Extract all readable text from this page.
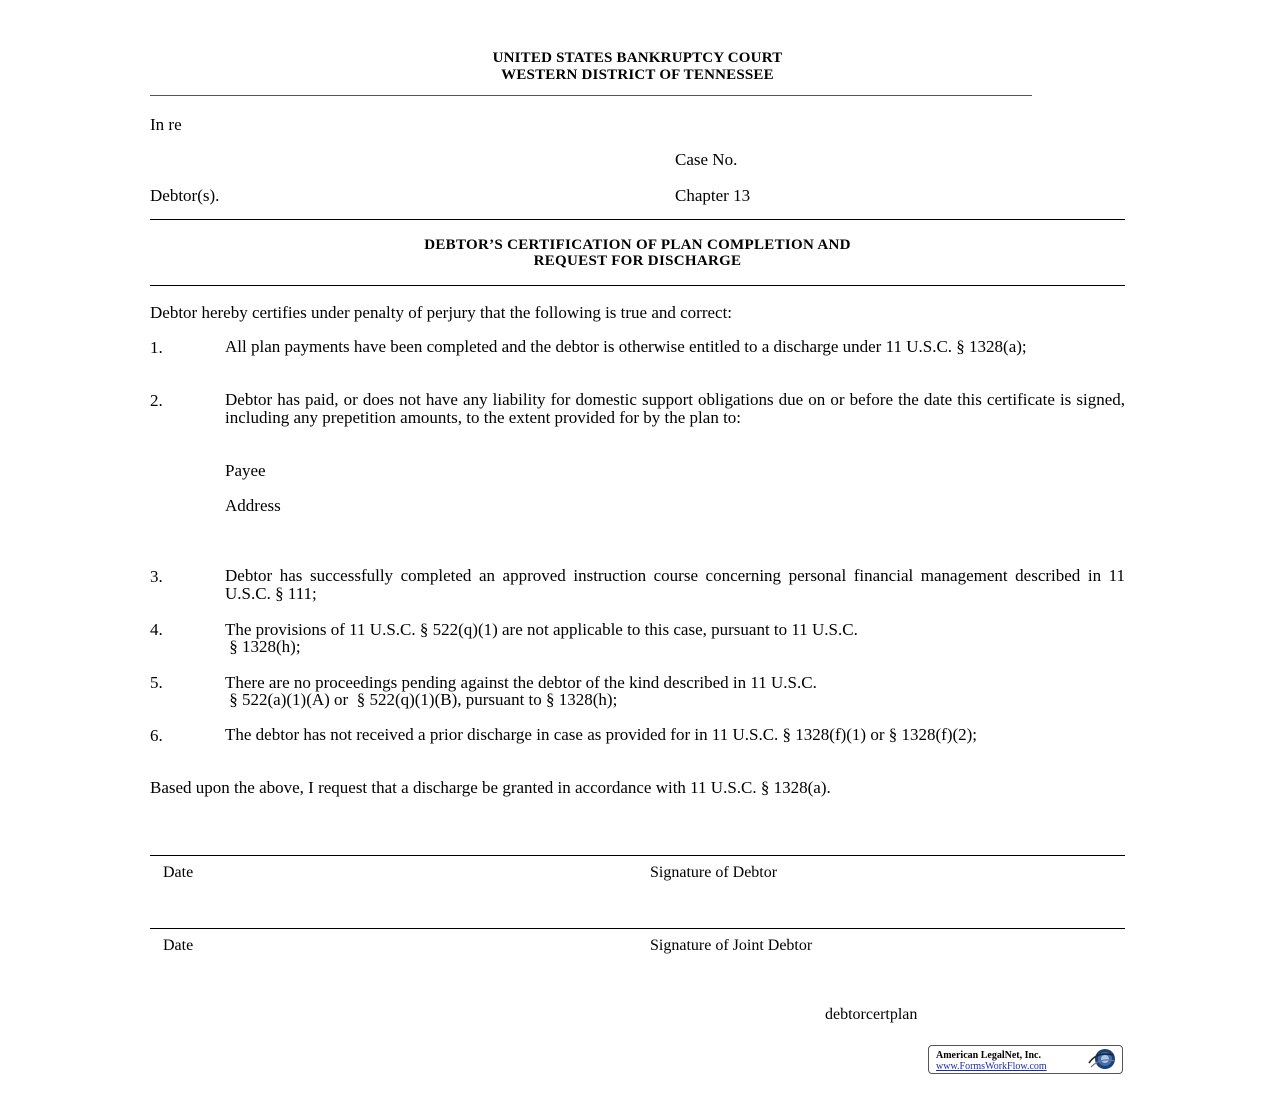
UNITED STATES BANKRUPTCY COURT
WESTERN DISTRICT OF TENNESSEE
In re
Case No.
Debtor(s).	Chapter 13
DEBTOR’S CERTIFICATION OF PLAN COMPLETION AND
REQUEST FOR DISCHARGE
Debtor hereby certifies under penalty of perjury that the following is true and correct:
1.	All plan payments have been completed and the debtor is otherwise entitled to a discharge under 11 U.S.C. § 1328(a);
2.	Debtor has paid, or does not have any liability for domestic support obligations due on or before the date this certificate is signed, including any prepetition amounts, to the extent provided for by the plan to:
Payee
Address
3.	Debtor has successfully completed an approved instruction course concerning personal financial management described in 11 U.S.C. § 111;
4.	The provisions of 11 U.S.C. § 522(q)(1) are not applicable to this case, pursuant to 11 U.S.C.
§ 1328(h);
5.	There are no proceedings pending against the debtor of the kind described in 11 U.S.C.
§ 522(a)(1)(A) or  § 522(q)(1)(B), pursuant to § 1328(h);
6.	The debtor has not received a prior discharge in case as provided for in 11 U.S.C. § 1328(f)(1) or § 1328(f)(2);
Based upon the above, I request that a discharge be granted in accordance with 11 U.S.C. § 1328(a).
Date	Signature of Debtor
Date	Signature of Joint Debtor
debtorcertplan
American LegalNet, Inc.
www.FormsWorkFlow.com
